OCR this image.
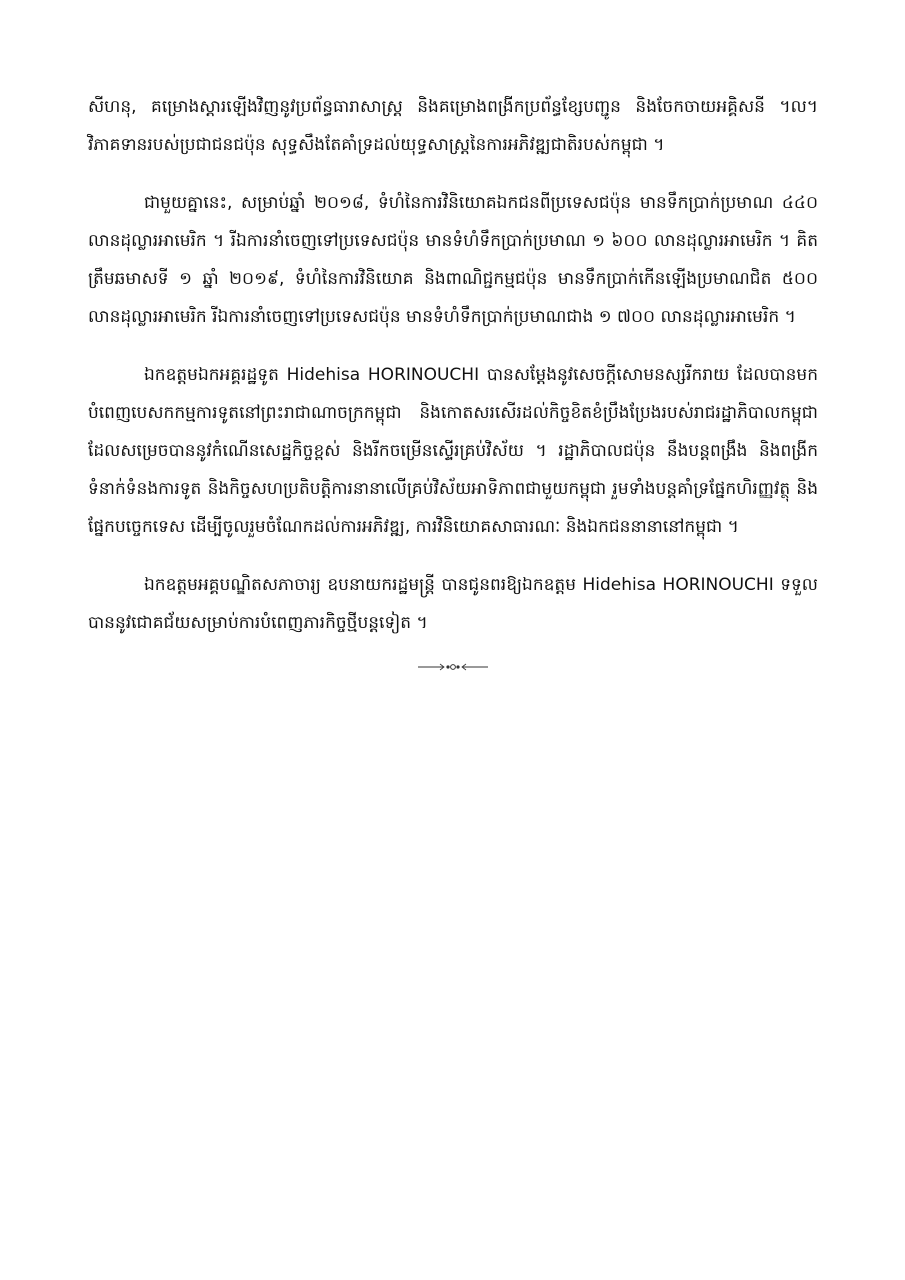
សីហនុ, គម្រោងស្តារឡើងវិញនូវប្រព័ន្ធធារាសាស្ត្រ និងគម្រោងពង្រីកប្រព័ន្ធខ្សែបញ្ជូន និងចែកចាយអគ្គិសនី ។ល។ វិភាគទានរបស់ប្រជាជនជប៉ុន សុទ្ធសឹងតែគាំទ្រដល់យុទ្ធសាស្ត្រនៃការអភិវឌ្ឍជាតិរបស់កម្ពុជា ។

ជាមួយគ្នានេះ, សម្រាប់ឆ្នាំ ២០១៨, ទំហំនៃការវិនិយោគឯកជនពីប្រទេសជប៉ុន មានទឹកប្រាក់ប្រមាណ ៤៤០ លានដុល្លារអាមេរិក ។ រីឯការនាំចេញទៅប្រទេសជប៉ុន មានទំហំទឹកប្រាក់ប្រមាណ ១ ៦០០ លានដុល្លារអាមេរិក ។ គិតត្រឹមឆមាសទី ១ ឆ្នាំ ២០១៩, ទំហំនៃការវិនិយោគ និងពាណិជ្ជកម្មជប៉ុន មានទឹកប្រាក់កើនឡើងប្រមាណជិត ៥០០ លានដុល្លារអាមេរិក រីឯការនាំចេញទៅប្រទេសជប៉ុន មានទំហំទឹកប្រាក់ប្រមាណជាង ១ ៧០០ លានដុល្លារអាមេរិក ។

ឯកឧត្តមឯកអគ្គរដ្ឋទូត Hidehisa HORINOUCHI បានសម្តែងនូវសេចក្តីសោមនស្សរីករាយ ដែលបានមកបំពេញបេសកកម្មការទូតនៅព្រះរាជាណាចក្រកម្ពុជា និងកោតសរសើរដល់កិច្ចខិតខំប្រឹងប្រែងរបស់រាជរដ្ឋាភិបាលកម្ពុជា ដែលសម្រេចបាននូវកំណើនសេដ្ឋកិច្ចខ្ពស់ និងរីកចម្រើនស្ទើរគ្រប់វិស័យ ។ រដ្ឋាភិបាលជប៉ុន នឹងបន្តពង្រឹង និងពង្រីកទំនាក់ទំនងការទូត និងកិច្ចសហប្រតិបត្តិការនានាលើគ្រប់វិស័យអាទិភាពជាមួយកម្ពុជា រួមទាំងបន្តគាំទ្រផ្នែកហិរញ្ញវត្ថុ និងផ្នែកបច្ចេកទេស ដើម្បីចូលរួមចំណែកដល់ការអភិវឌ្ឍ, ការវិនិយោគសាធារណៈ និងឯកជននានានៅកម្ពុជា ។

ឯកឧត្តមអគ្គបណ្ឌិតសភាចារ្យ ឧបនាយករដ្ឋមន្ត្រី បានជូនពរឱ្យឯកឧត្តម Hidehisa HORINOUCHI ទទួលបាននូវជោគជ័យសម្រាប់ការបំពេញភារកិច្ចថ្មីបន្តទៀត ។
